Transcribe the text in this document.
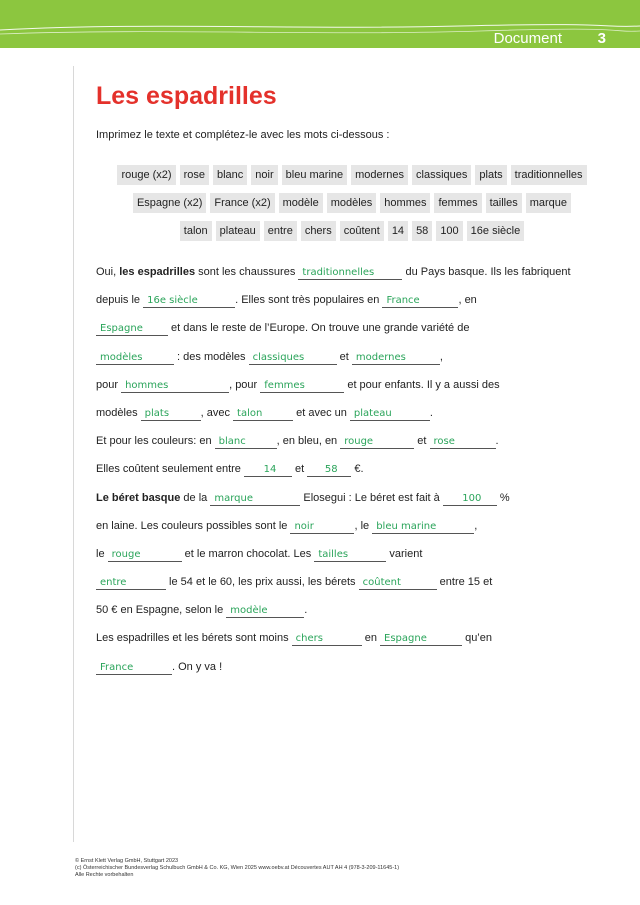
Document 3
Les espadrilles
Imprimez le texte et complétez-le avec les mots ci-dessous :
rouge (x2)	rose	blanc	noir	bleu marine	modernes	classiques	plats	traditionnelles
Espagne (x2)	France (x2)	modèle	modèles	hommes	femmes	tailles	marque
talon	plateau	entre	chers	coûtent	14	58	100	16e siècle
Oui, les espadrilles sont les chaussures traditionnelles	du Pays basque. Ils les fabriquent
depuis le 16e siècle	. Elles sont très populaires en France	, en
Espagne et dans le reste de l’Europe. On trouve une grande variété de
modèles	: des modèles classiques	et modernes	,
pour hommes	, pour femmes	et pour enfants. Il y a aussi des
modèles plats	, avec talon	et avec un plateau	.
Et pour les couleurs: en blanc	, en bleu, en rouge	et rose	.
Elles coûtent seulement entre 14 et 58 €.
Le béret basque de la marque	Elosegui : Le béret est fait à 100 %
en laine. Les couleurs possibles sont le noir	, le bleu marine	,
le rouge	et le marron chocolat. Les tailles	varient
entre	le 54 et le 60, les prix aussi, les bérets coûtent	entre 15 et
50 € en Espagne, selon le modèle	.
Les espadrilles et les bérets sont moins chers	en Espagne	qu’en
France	. On y va !
© Ernst Klett Verlag GmbH, Stuttgart 2023
(c) Österreichischer Bundesverlag Schulbuch GmbH & Co. KG, Wien 2025 www.oebv.at Découvertes AUT AH 4 (978-3-209-11645-1)
Alle Rechte vorbehalten
